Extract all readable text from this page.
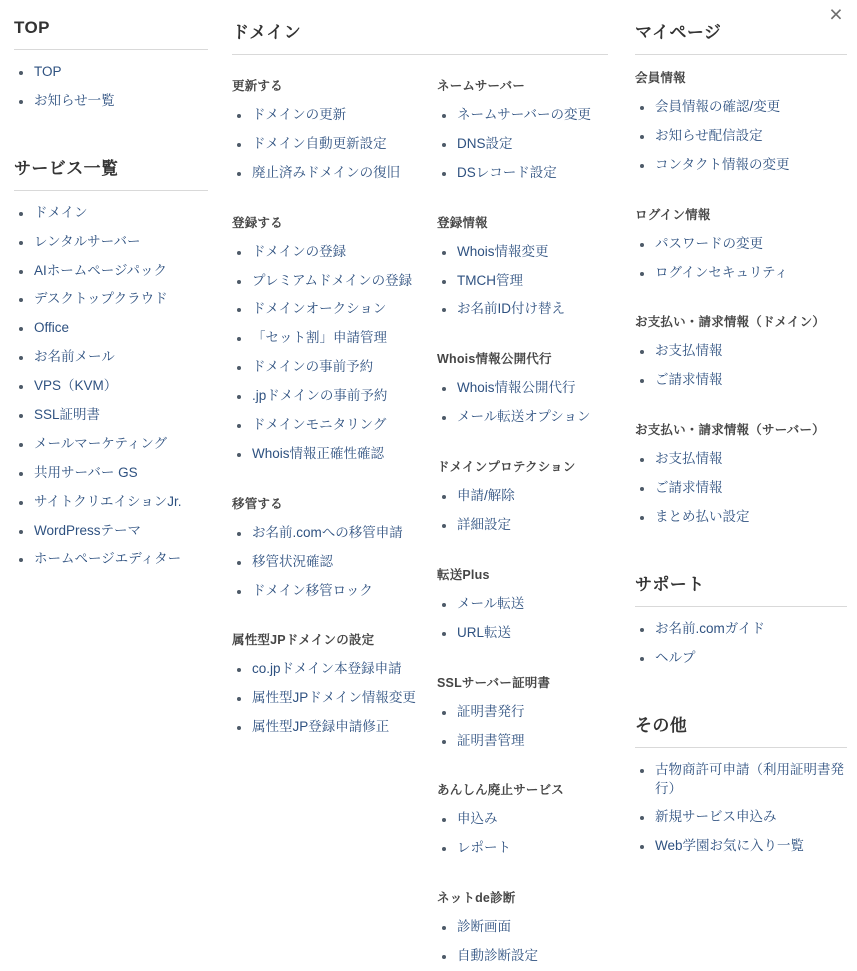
×
TOP
TOP
お知らせ一覧
サービス一覧
ドメイン
レンタルサーバー
AIホームページパック
デスクトップクラウド
Office
お名前メール
VPS（KVM）
SSL証明書
メールマーケティング
共用サーバー GS
サイトクリエイションJr.
WordPressテーマ
ホームページエディター
ドメイン
更新する
ドメインの更新
ドメイン自動更新設定
廃止済みドメインの復旧
登録する
ドメインの登録
プレミアムドメインの登録
ドメインオークション
「セット割」申請管理
ドメインの事前予約
.jpドメインの事前予約
ドメインモニタリング
Whois情報正確性確認
移管する
お名前.comへの移管申請
移管状況確認
ドメイン移管ロック
属性型JPドメインの設定
co.jpドメイン本登録申請
属性型JPドメイン情報変更
属性型JP登録申請修正
ネームサーバー
ネームサーバーの変更
DNS設定
DSレコード設定
登録情報
Whois情報変更
TMCH管理
お名前ID付け替え
Whois情報公開代行
Whois情報公開代行
メール転送オプション
ドメインプロテクション
申請/解除
詳細設定
転送Plus
メール転送
URL転送
SSLサーバー証明書
証明書発行
証明書管理
あんしん廃止サービス
申込み
レポート
ネットde診断
診断画面
自動診断設定
マイページ
会員情報
会員情報の確認/変更
お知らせ配信設定
コンタクト情報の変更
ログイン情報
パスワードの変更
ログインセキュリティ
お支払い・請求情報（ドメイン）
お支払情報
ご請求情報
お支払い・請求情報（サーバー）
お支払情報
ご請求情報
まとめ払い設定
サポート
お名前.comガイド
ヘルプ
その他
古物商許可申請（利用証明書発行）
新規サービス申込み
Web学園お気に入り一覧
